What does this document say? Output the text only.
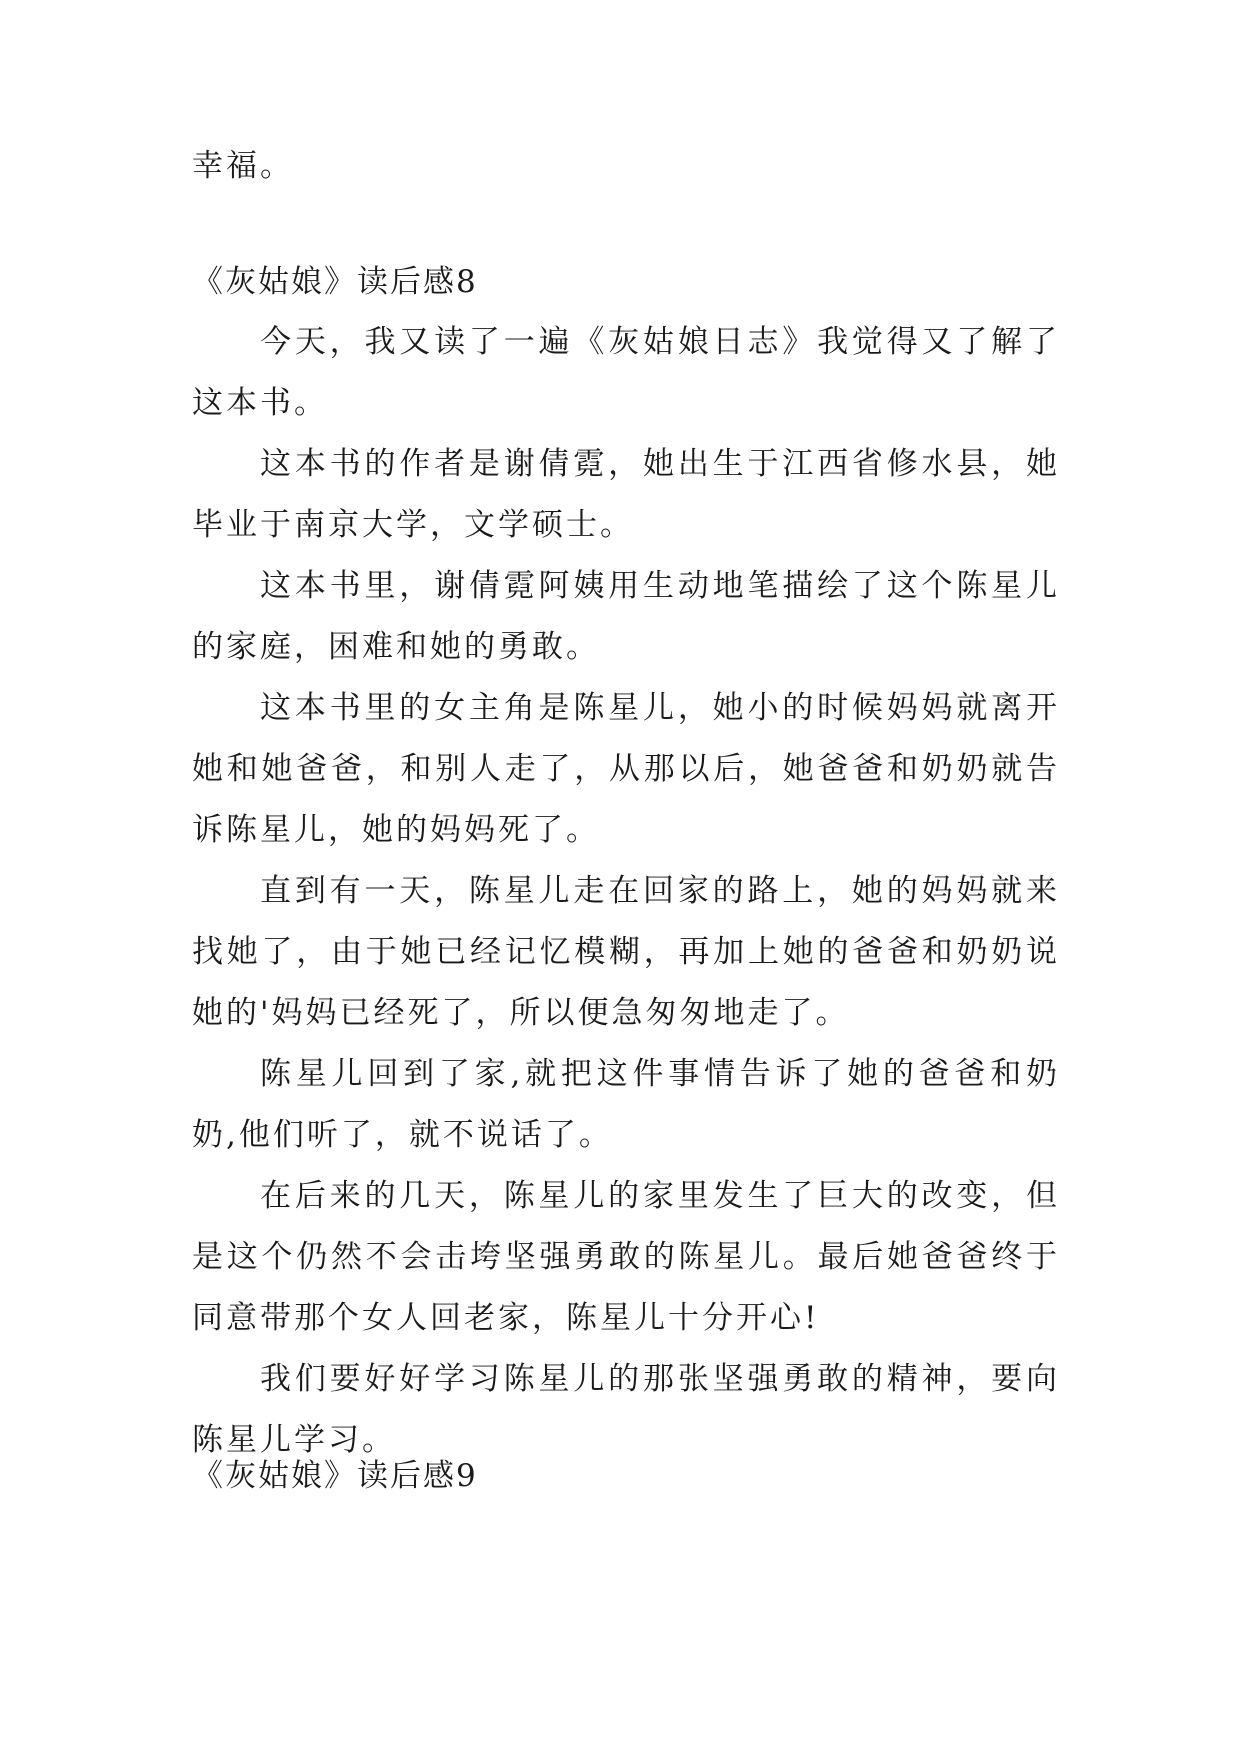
幸福。

《灰姑娘》读后感8

今天，我又读了一遍《灰姑娘日志》我觉得又了解了这本书。

这本书的作者是谢倩霓，她出生于江西省修水县，她毕业于南京大学，文学硕士。

这本书里，谢倩霓阿姨用生动地笔描绘了这个陈星儿的家庭，困难和她的勇敢。

这本书里的女主角是陈星儿，她小的时候妈妈就离开她和她爸爸，和别人走了，从那以后，她爸爸和奶奶就告诉陈星儿，她的妈妈死了。

直到有一天，陈星儿走在回家的路上，她的妈妈就来找她了，由于她已经记忆模糊，再加上她的爸爸和奶奶说她的'妈妈已经死了，所以便急匆匆地走了。

陈星儿回到了家,就把这件事情告诉了她的爸爸和奶奶,他们听了，就不说话了。

在后来的几天，陈星儿的家里发生了巨大的改变，但是这个仍然不会击垮坚强勇敢的陈星儿。最后她爸爸终于同意带那个女人回老家，陈星儿十分开心!

我们要好好学习陈星儿的那张坚强勇敢的精神，要向陈星儿学习。

《灰姑娘》读后感9
